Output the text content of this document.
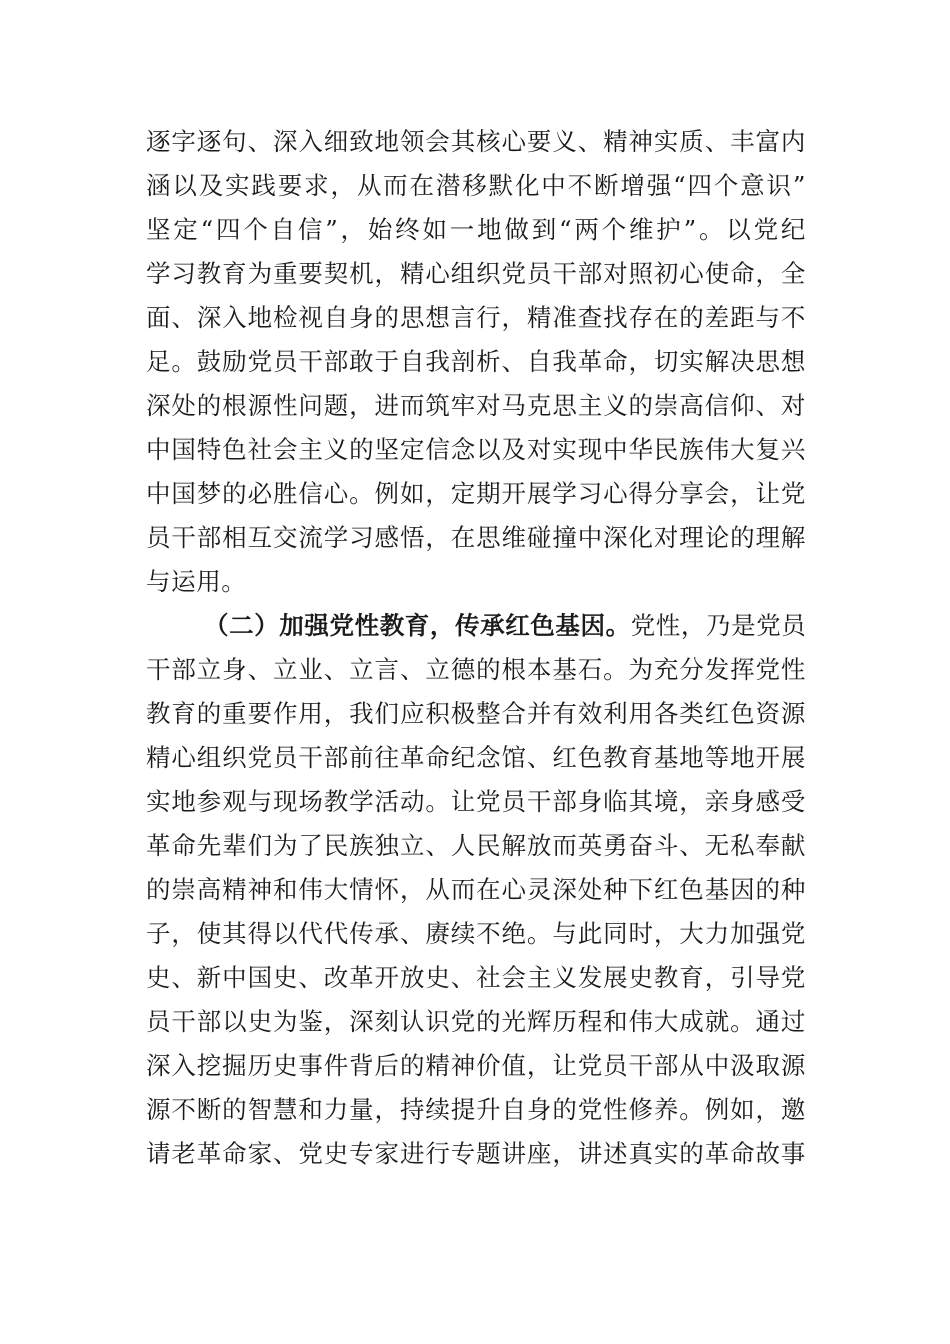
逐字逐句、深入细致地领会其核心要义、精神实质、丰富内
涵以及实践要求，从而在潜移默化中不断增强“四个意识”
坚定“四个自信”，始终如一地做到“两个维护”。以党纪
学习教育为重要契机，精心组织党员干部对照初心使命，全
面、深入地检视自身的思想言行，精准查找存在的差距与不
足。鼓励党员干部敢于自我剖析、自我革命，切实解决思想
深处的根源性问题，进而筑牢对马克思主义的崇高信仰、对
中国特色社会主义的坚定信念以及对实现中华民族伟大复兴
中国梦的必胜信心。例如，定期开展学习心得分享会，让党
员干部相互交流学习感悟，在思维碰撞中深化对理论的理解
与运用。
（二）加强党性教育，传承红色基因。党性，乃是党员
干部立身、立业、立言、立德的根本基石。为充分发挥党性
教育的重要作用，我们应积极整合并有效利用各类红色资源
精心组织党员干部前往革命纪念馆、红色教育基地等地开展
实地参观与现场教学活动。让党员干部身临其境，亲身感受
革命先辈们为了民族独立、人民解放而英勇奋斗、无私奉献
的崇高精神和伟大情怀，从而在心灵深处种下红色基因的种
子，使其得以代代传承、赓续不绝。与此同时，大力加强党
史、新中国史、改革开放史、社会主义发展史教育，引导党
员干部以史为鉴，深刻认识党的光辉历程和伟大成就。通过
深入挖掘历史事件背后的精神价值，让党员干部从中汲取源
源不断的智慧和力量，持续提升自身的党性修养。例如，邀
请老革命家、党史专家进行专题讲座，讲述真实的革命故事
